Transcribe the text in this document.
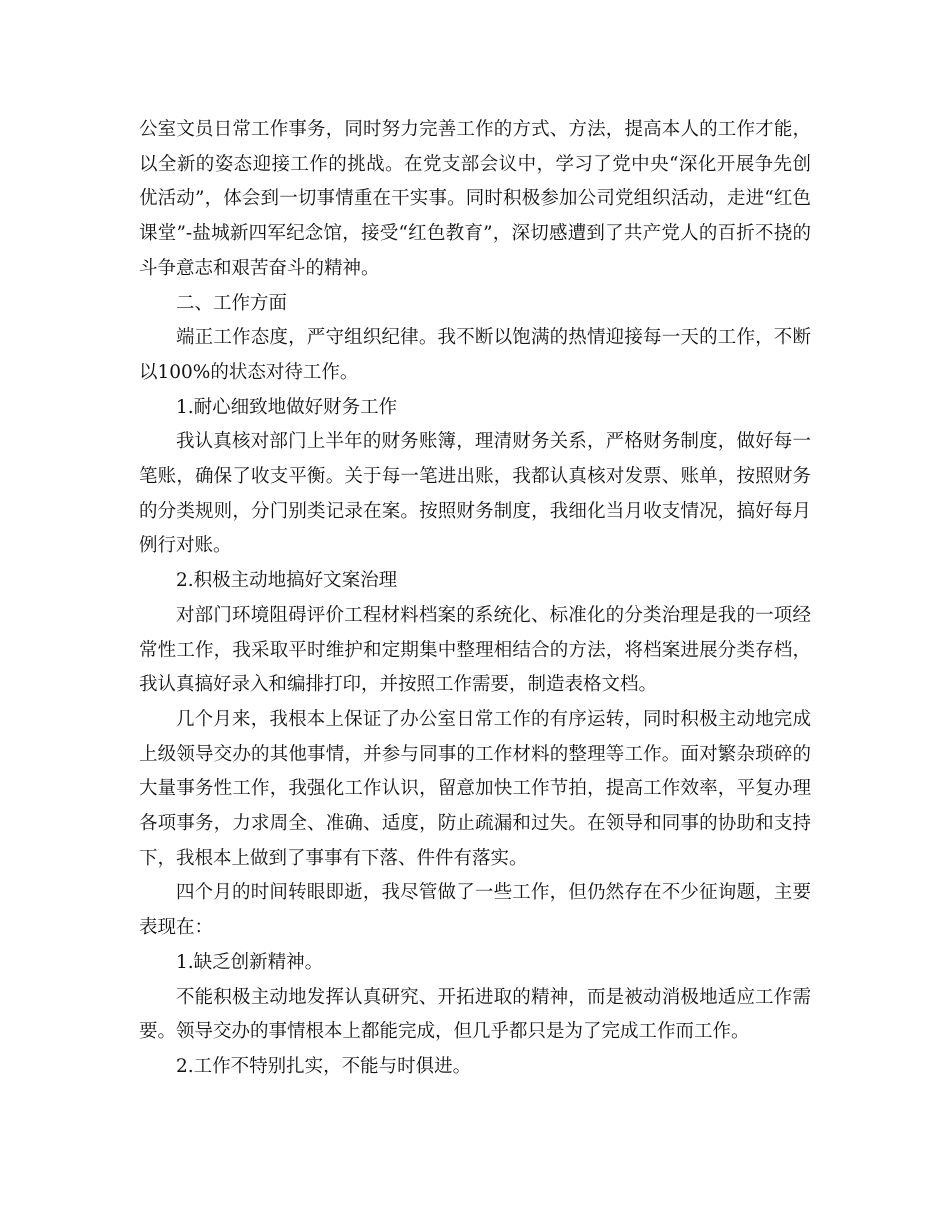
公室文员日常工作事务，同时努力完善工作的方式、方法，提高本人的工作才能，以全新的姿态迎接工作的挑战。在党支部会议中，学习了党中央“深化开展争先创优活动”，体会到一切事情重在干实事。同时积极参加公司党组织活动，走进“红色课堂”-盐城新四军纪念馆，接受“红色教育”，深切感遭到了共产党人的百折不挠的斗争意志和艰苦奋斗的精神。

二、工作方面

端正工作态度，严守组织纪律。我不断以饱满的热情迎接每一天的工作，不断以100%的状态对待工作。

1.耐心细致地做好财务工作

我认真核对部门上半年的财务账簿，理清财务关系，严格财务制度，做好每一笔账，确保了收支平衡。关于每一笔进出账，我都认真核对发票、账单，按照财务的分类规则，分门别类记录在案。按照财务制度，我细化当月收支情况，搞好每月例行对账。

2.积极主动地搞好文案治理

对部门环境阻碍评价工程材料档案的系统化、标准化的分类治理是我的一项经常性工作，我采取平时维护和定期集中整理相结合的方法，将档案进展分类存档，我认真搞好录入和编排打印，并按照工作需要，制造表格文档。

几个月来，我根本上保证了办公室日常工作的有序运转，同时积极主动地完成上级领导交办的其他事情，并参与同事的工作材料的整理等工作。面对繁杂琐碎的大量事务性工作，我强化工作认识，留意加快工作节拍，提高工作效率，平复办理各项事务，力求周全、准确、适度，防止疏漏和过失。在领导和同事的协助和支持下，我根本上做到了事事有下落、件件有落实。

四个月的时间转眼即逝，我尽管做了一些工作，但仍然存在不少征询题，主要表现在：

1.缺乏创新精神。

不能积极主动地发挥认真研究、开拓进取的精神，而是被动消极地适应工作需要。领导交办的事情根本上都能完成，但几乎都只是为了完成工作而工作。

2.工作不特别扎实，不能与时俱进。
